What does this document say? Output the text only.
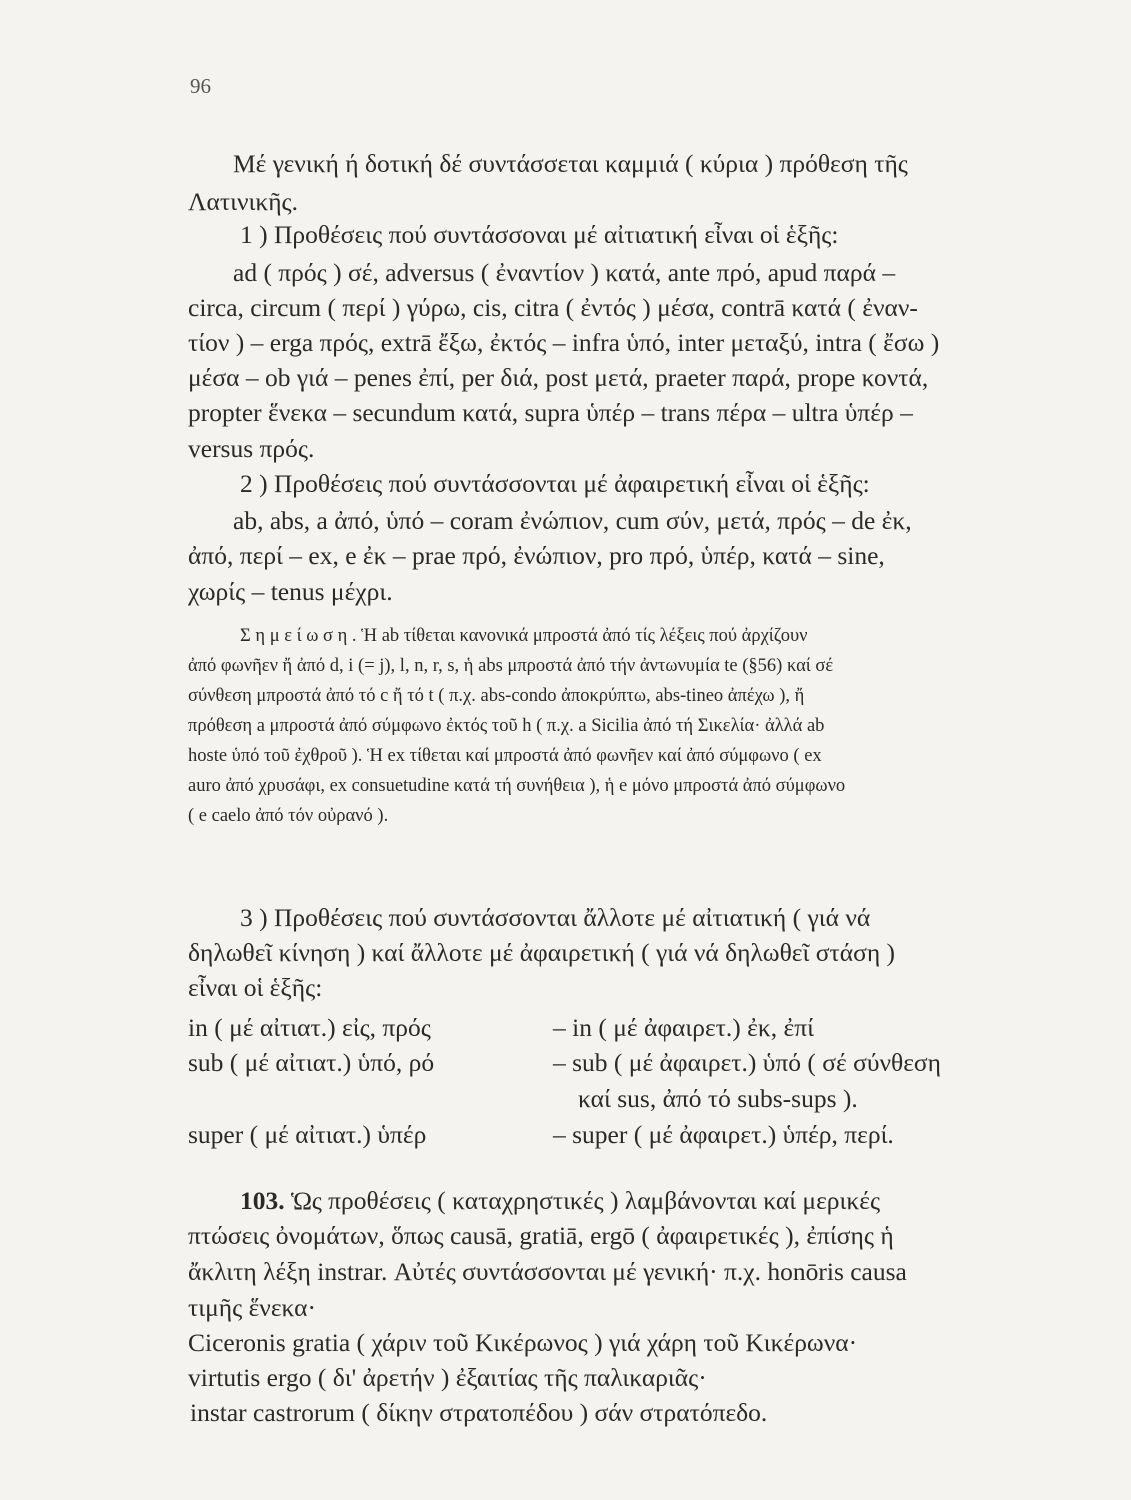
96
Μέ γενική ή δοτική δέ συντάσσεται καμμιά ( κύρια ) πρόθεση τῆς
Λατινικῆς.
1 ) Προθέσεις πού συντάσσοναι μέ αἰτιατική εἶναι οἱ ἑξῆς:
ad ( πρός ) σέ, adversus ( ἐναντίον ) κατά, ante πρό, apud παρά –
circa, circum ( περί ) γύρω, cis, citra ( ἐντός ) μέσα, contrā κατά ( ἐναν-
τίον ) – erga πρός, extrā ἔξω, ἐκτός – infra ὑπό, inter μεταξύ, intra ( ἔσω )
μέσα – ob γιά – penes ἐπί, per διά, post μετά, praeter παρά, prope κοντά,
propter ἕνεκα – secundum κατά, supra ὑπέρ – trans πέρα – ultra ὑπέρ –
versus πρός.
2 ) Προθέσεις πού συντάσσονται μέ ἀφαιρετική εἶναι οἱ ἑξῆς:
ab, abs, a ἀπό, ὑπό – coram ἐνώπιον, cum σύν, μετά, πρός – de ἐκ,
ἀπό, περί – ex, e ἐκ – prae πρό, ἐνώπιον, pro πρό, ὑπέρ, κατά – sine,
χωρίς – tenus μέχρι.
Σ η μ ε ί ω σ η . Ἡ ab τίθεται κανονικά μπροστά ἀπό τίς λέξεις πού ἀρχίζουν
ἀπό φωνῆεν ἤ ἀπό d, i (= j), l, n, r, s, ἡ abs μπροστά ἀπό τήν ἀντωνυμία te (§56) καί σέ
σύνθεση μπροστά ἀπό τό c ἤ τό t ( π.χ. abs-condo ἀποκρύπτω, abs-tineo ἀπέχω ), ἤ
πρόθεση a μπροστά ἀπό σύμφωνο ἐκτός τοῦ h ( π.χ. a Sicilia ἀπό τή Σικελία· ἀλλά ab
hoste ὑπό τοῦ ἐχθροῦ ). Ἡ ex τίθεται καί μπροστά ἀπό φωνῆεν καί ἀπό σύμφωνο ( ex
auro ἀπό χρυσάφι, ex consuetudine κατά τή συνήθεια ), ἡ e μόνο μπροστά ἀπό σύμφωνο
( e caelo ἀπό τόν οὐρανό ).
3 ) Προθέσεις πού συντάσσονται ἄλλοτε μέ αἰτιατική ( γιά νά
δηλωθεῖ κίνηση ) καί ἄλλοτε μέ ἀφαιρετική ( γιά νά δηλωθεῖ στάση )
εἶναι οἱ ἑξῆς:
in ( μέ αἰτιατ.) εἰς, πρός
sub ( μέ αἰτιατ.) ὑπό, ρό
super ( μέ αἰτιατ.) ὑπέρ
– in ( μέ ἀφαιρετ.) ἐκ, ἐπί
– sub ( μέ ἀφαιρετ.) ὑπό ( σέ σύνθεση
καί sus, ἀπό τό subs-sups ).
– super ( μέ ἀφαιρετ.) ὑπέρ, περί.
103. Ὡς προθέσεις ( καταχρηστικές ) λαμβάνονται καί μερικές
πτώσεις ὀνομάτων, ὅπως causā, gratiā, ergō ( ἀφαιρετικές ), ἐπίσης ἡ
ἄκλιτη λέξη instrar. Αὐτές συντάσσονται μέ γενική· π.χ. honōris causa
τιμῆς ἕνεκα·
Ciceronis gratia ( χάριν τοῦ Κικέρωνος ) γιά χάρη τοῦ Κικέρωνα·
virtutis ergo ( δι' ἀρετήν ) ἐξαιτίας τῆς παλικαριᾶς·
instar castrorum ( δίκην στρατοπέδου ) σάν στρατόπεδο.
